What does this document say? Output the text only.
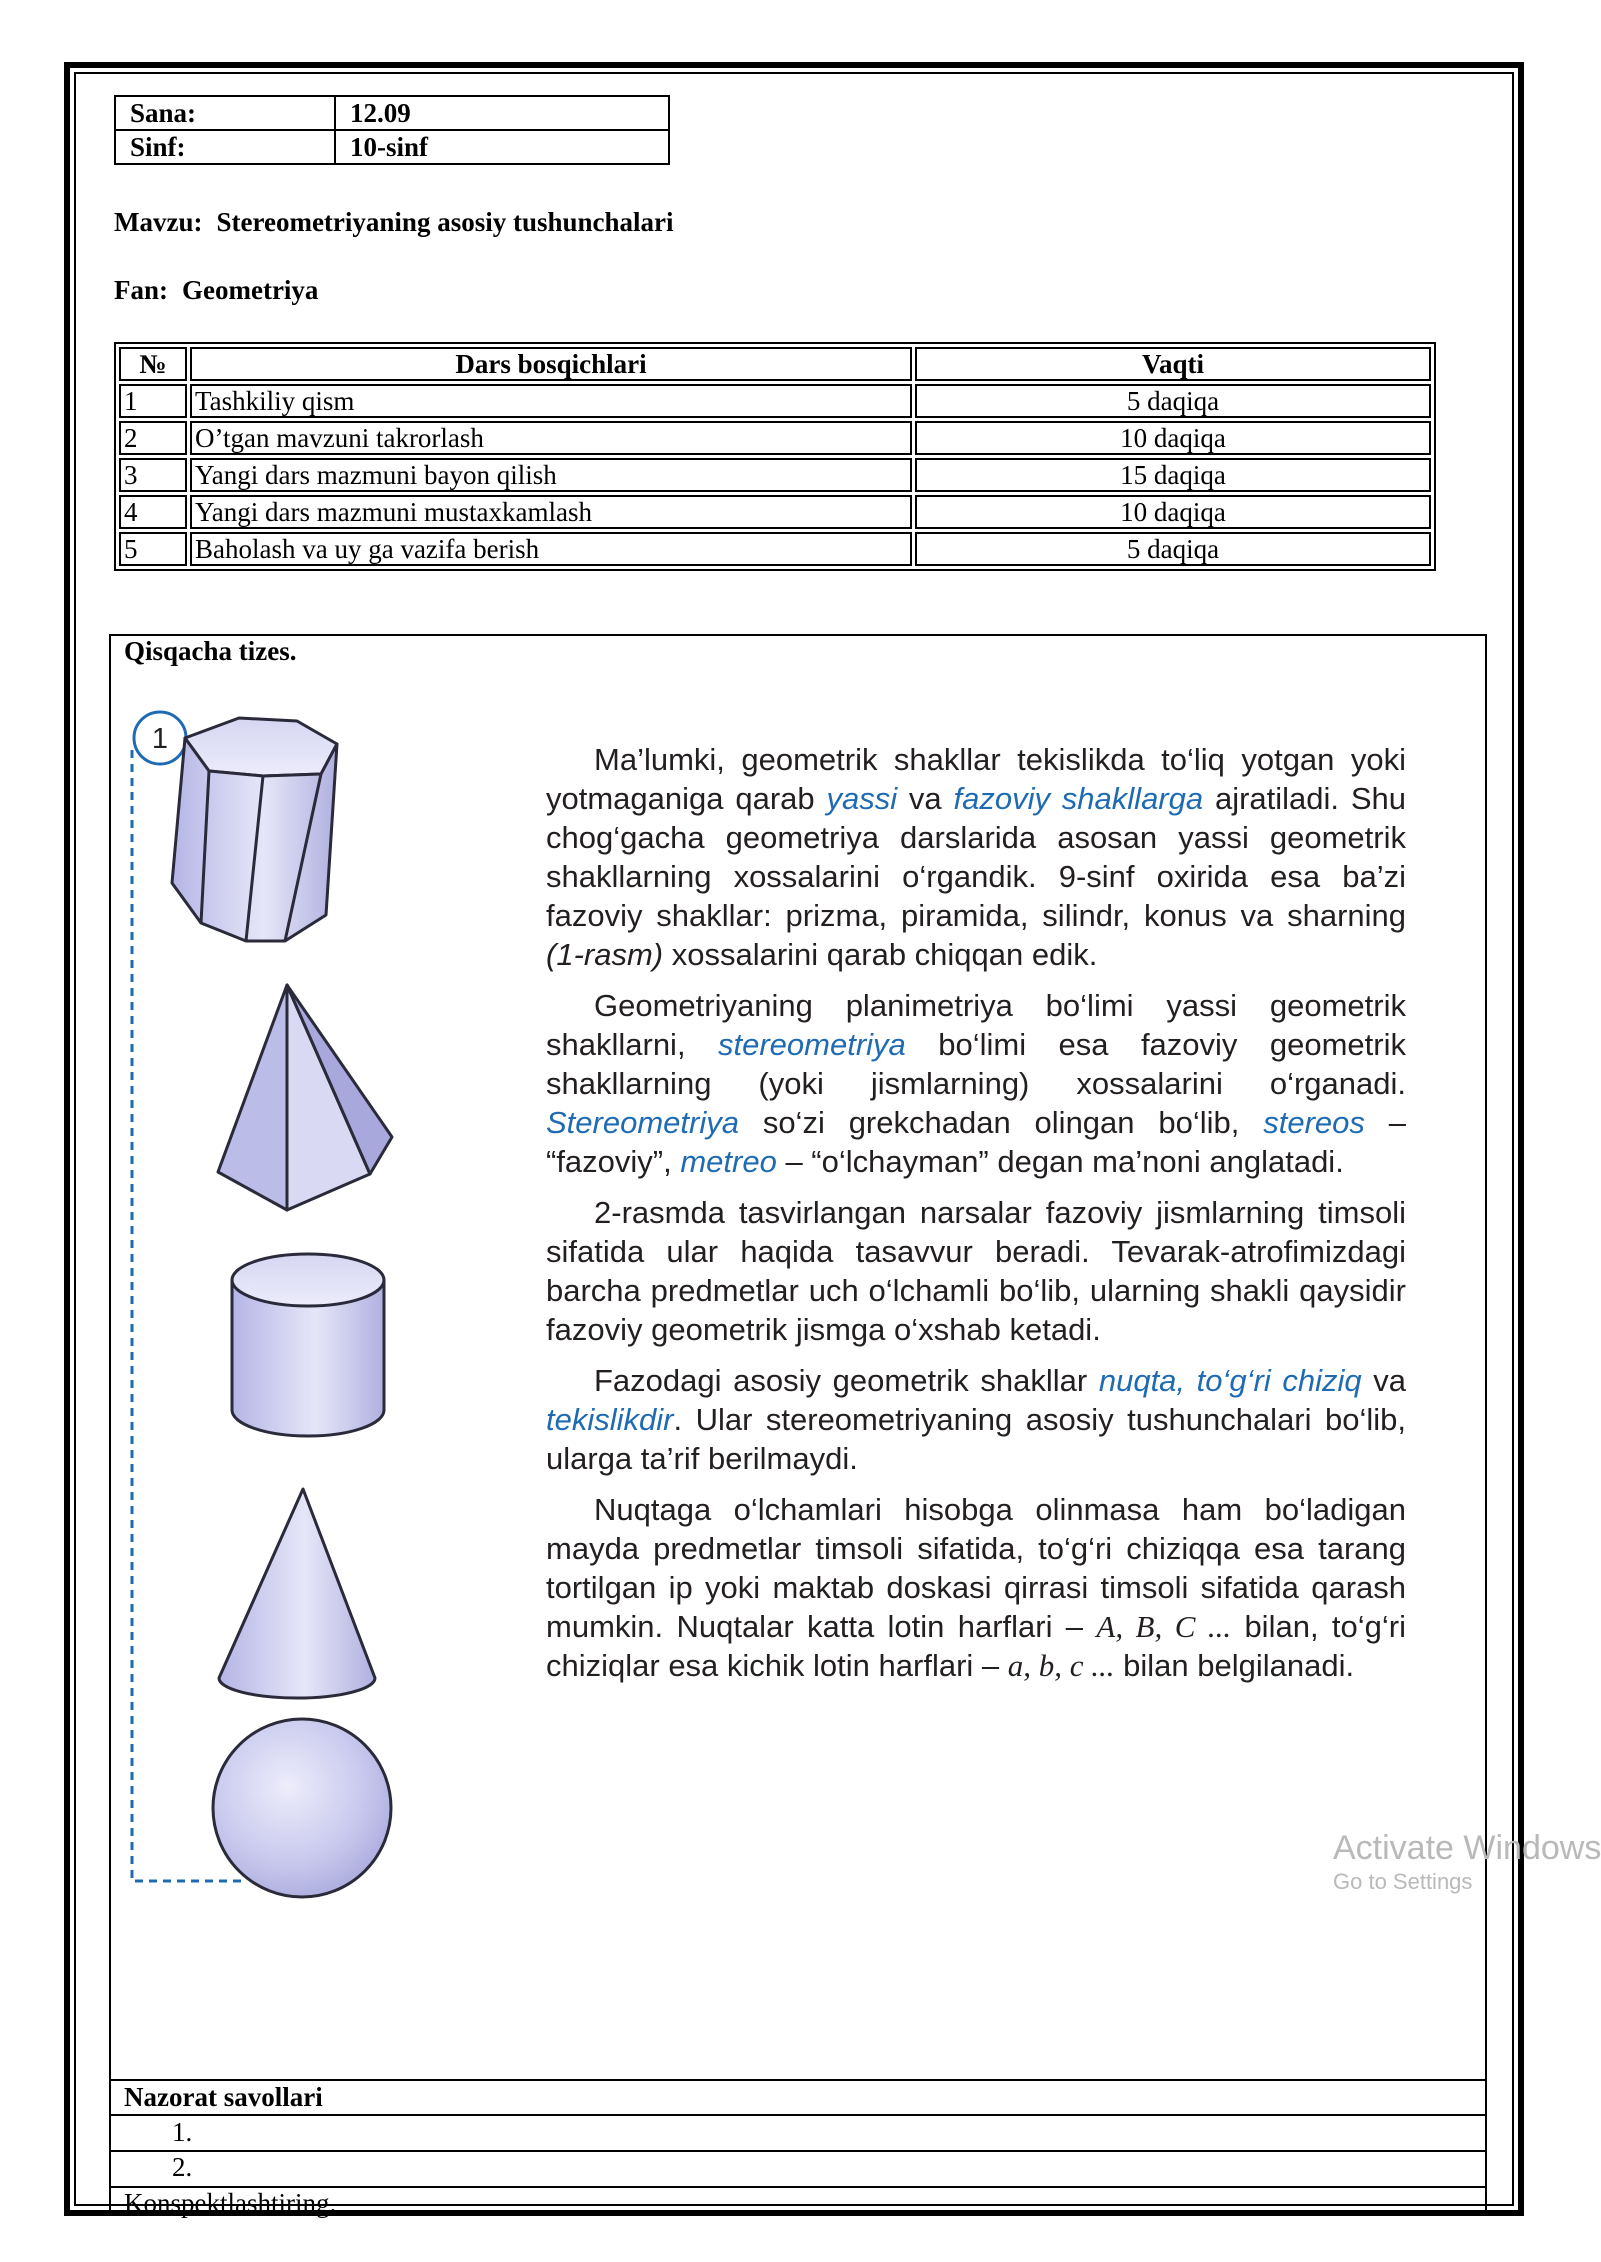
Sana:	12.09
Sinf:	10-sinf
Mavzu: Stereometriyaning asosiy tushunchalari
Fan: Geometriya
№	Dars bosqichlari	Vaqti
1	Tashkiliy qism	5 daqiqa
2	O’tgan mavzuni takrorlash	10 daqiqa
3	Yangi dars mazmuni bayon qilish	15 daqiqa
4	Yangi dars mazmuni mustaxkamlash	10 daqiqa
5	Baholash va uy ga vazifa berish	5 daqiqa
Qisqacha tizes.
1

Ma’lumki, geometrik shakllar tekislikda to‘liq yotgan yoki yotmaganiga qarab yassi va fazoviy shakllarga ajratiladi. Shu chog‘gacha geometriya darslarida asosan yassi geometrik shakllarning xossalarini o‘rgandik. 9-sinf oxirida esa ba’zi fazoviy shakllar: prizma, piramida, silindr, konus va sharning (1-rasm) xossalarini qarab chiqqan edik.

Geometriyaning planimetriya bo‘limi yassi geometrik shakllarni, stereometriya bo‘limi esa fazoviy geometrik shakllarning (yoki jismlarning) xossalarini o‘rganadi. Stereometriya so‘zi grekchadan olingan bo‘lib, stereos – “fazoviy”, metreo – “o‘lchayman” degan ma’noni anglatadi.

2-rasmda tasvirlangan narsalar fazoviy jismlarning timsoli sifatida ular haqida tasavvur beradi. Tevarak-atrofimizdagi barcha predmetlar uch o‘lchamli bo‘lib, ularning shakli qaysidir fazoviy geometrik jismga o‘xshab ketadi.

Fazodagi asosiy geometrik shakllar nuqta, to‘g‘ri chiziq va tekislikdir. Ular stereometriyaning asosiy tushunchalari bo‘lib, ularga ta’rif berilmaydi.

Nuqtaga o‘lchamlari hisobga olinmasa ham bo‘ladigan mayda predmetlar timsoli sifatida, to‘g‘ri chiziqqa esa tarang tortilgan ip yoki maktab doskasi qirrasi timsoli sifatida qarash mumkin. Nuqtalar katta lotin harflari – A, B, C ... bilan, to‘g‘ri chiziqlar esa kichik lotin harflari – a, b, c ... bilan belgilanadi.

Activate Windows
Go to Settings
Nazorat savollari
1.
2.
Konspektlashtiring.
